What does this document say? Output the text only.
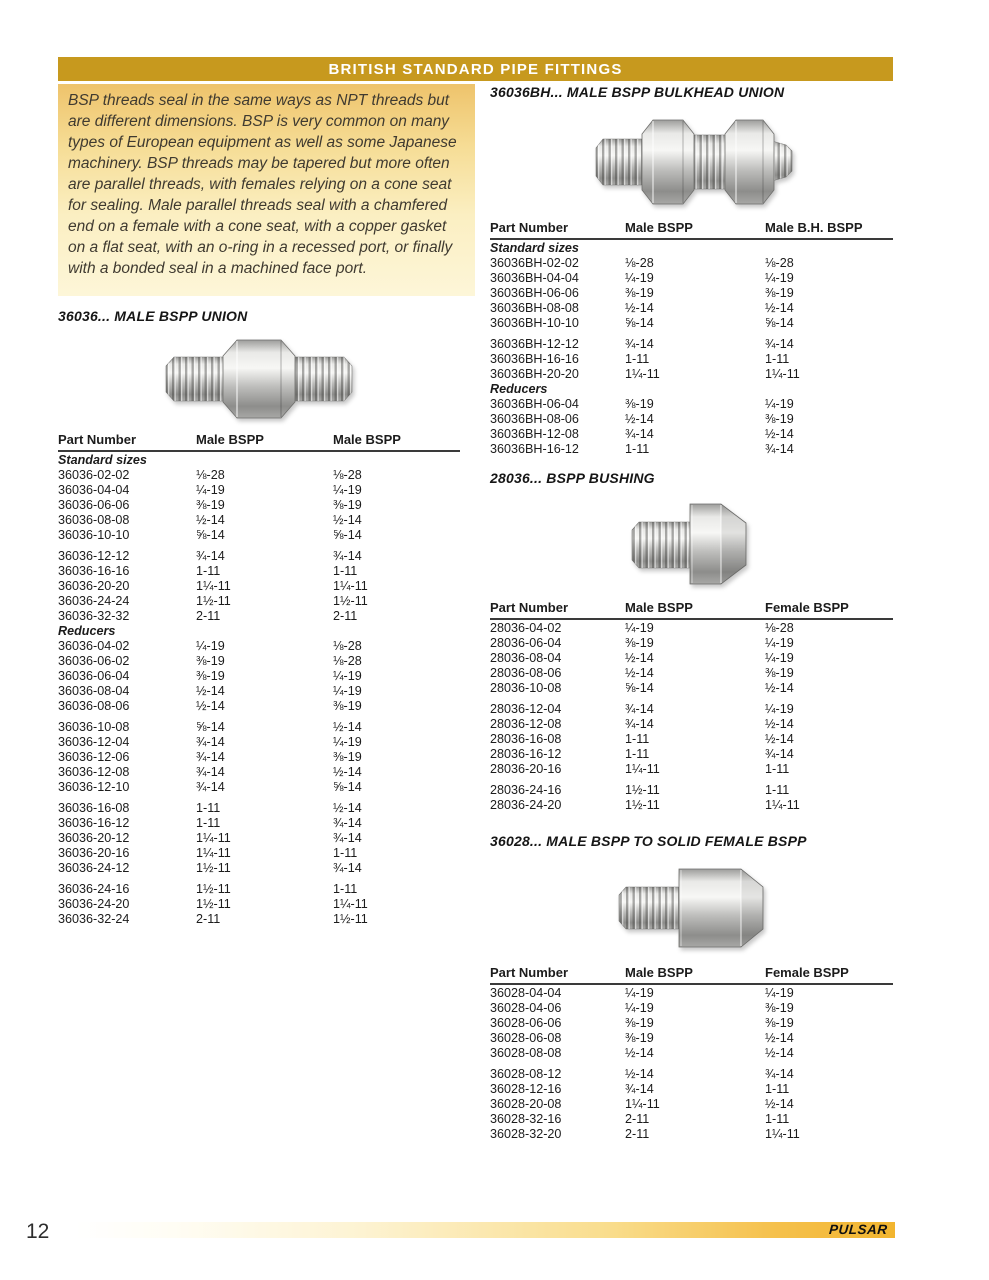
BRITISH STANDARD PIPE FITTINGS
BSP threads seal in the same ways as NPT threads but are different dimensions. BSP is very common on many types of European equipment as well as some Japanese machinery. BSP threads may be tapered but more often are parallel threads, with females relying on a cone seat for sealing. Male parallel threads seal with a chamfered end on a female with a cone seat, with a copper gasket on a flat seat, with an o-ring in a recessed port, or finally with a bonded seal in a machined face port.
36036... MALE BSPP UNION
Part Number	Male BSPP	Male BSPP
Standard sizes
36036-02-02	⅛-28	⅛-28
36036-04-04	¼-19	¼-19
36036-06-06	⅜-19	⅜-19
36036-08-08	½-14	½-14
36036-10-10	⅝-14	⅝-14
36036-12-12	¾-14	¾-14
36036-16-16	1-11	1-11
36036-20-20	1¼-11	1¼-11
36036-24-24	1½-11	1½-11
36036-32-32	2-11	2-11
Reducers
36036-04-02	¼-19	⅛-28
36036-06-02	⅜-19	⅛-28
36036-06-04	⅜-19	¼-19
36036-08-04	½-14	¼-19
36036-08-06	½-14	⅜-19
36036-10-08	⅝-14	½-14
36036-12-04	¾-14	¼-19
36036-12-06	¾-14	⅜-19
36036-12-08	¾-14	½-14
36036-12-10	¾-14	⅝-14
36036-16-08	1-11	½-14
36036-16-12	1-11	¾-14
36036-20-12	1¼-11	¾-14
36036-20-16	1¼-11	1-11
36036-24-12	1½-11	¾-14
36036-24-16	1½-11	1-11
36036-24-20	1½-11	1¼-11
36036-32-24	2-11	1½-11
36036BH... MALE BSPP BULKHEAD UNION
Part Number	Male BSPP	Male B.H. BSPP
Standard sizes
36036BH-02-02	⅛-28	⅛-28
36036BH-04-04	¼-19	¼-19
36036BH-06-06	⅜-19	⅜-19
36036BH-08-08	½-14	½-14
36036BH-10-10	⅝-14	⅝-14
36036BH-12-12	¾-14	¾-14
36036BH-16-16	1-11	1-11
36036BH-20-20	1¼-11	1¼-11
Reducers
36036BH-06-04	⅜-19	¼-19
36036BH-08-06	½-14	⅜-19
36036BH-12-08	¾-14	½-14
36036BH-16-12	1-11	¾-14
28036... BSPP BUSHING
Part Number	Male BSPP	Female BSPP
28036-04-02	¼-19	⅛-28
28036-06-04	⅜-19	¼-19
28036-08-04	½-14	¼-19
28036-08-06	½-14	⅜-19
28036-10-08	⅝-14	½-14
28036-12-04	¾-14	¼-19
28036-12-08	¾-14	½-14
28036-16-08	1-11	½-14
28036-16-12	1-11	¾-14
28036-20-16	1¼-11	1-11
28036-24-16	1½-11	1-11
28036-24-20	1½-11	1¼-11
36028... MALE BSPP TO SOLID FEMALE BSPP
Part Number	Male BSPP	Female BSPP
36028-04-04	¼-19	¼-19
36028-04-06	¼-19	⅜-19
36028-06-06	⅜-19	⅜-19
36028-06-08	⅜-19	½-14
36028-08-08	½-14	½-14
36028-08-12	½-14	¾-14
36028-12-16	¾-14	1-11
36028-20-08	1¼-11	½-14
36028-32-16	2-11	1-11
36028-32-20	2-11	1¼-11
12	PULSAR
